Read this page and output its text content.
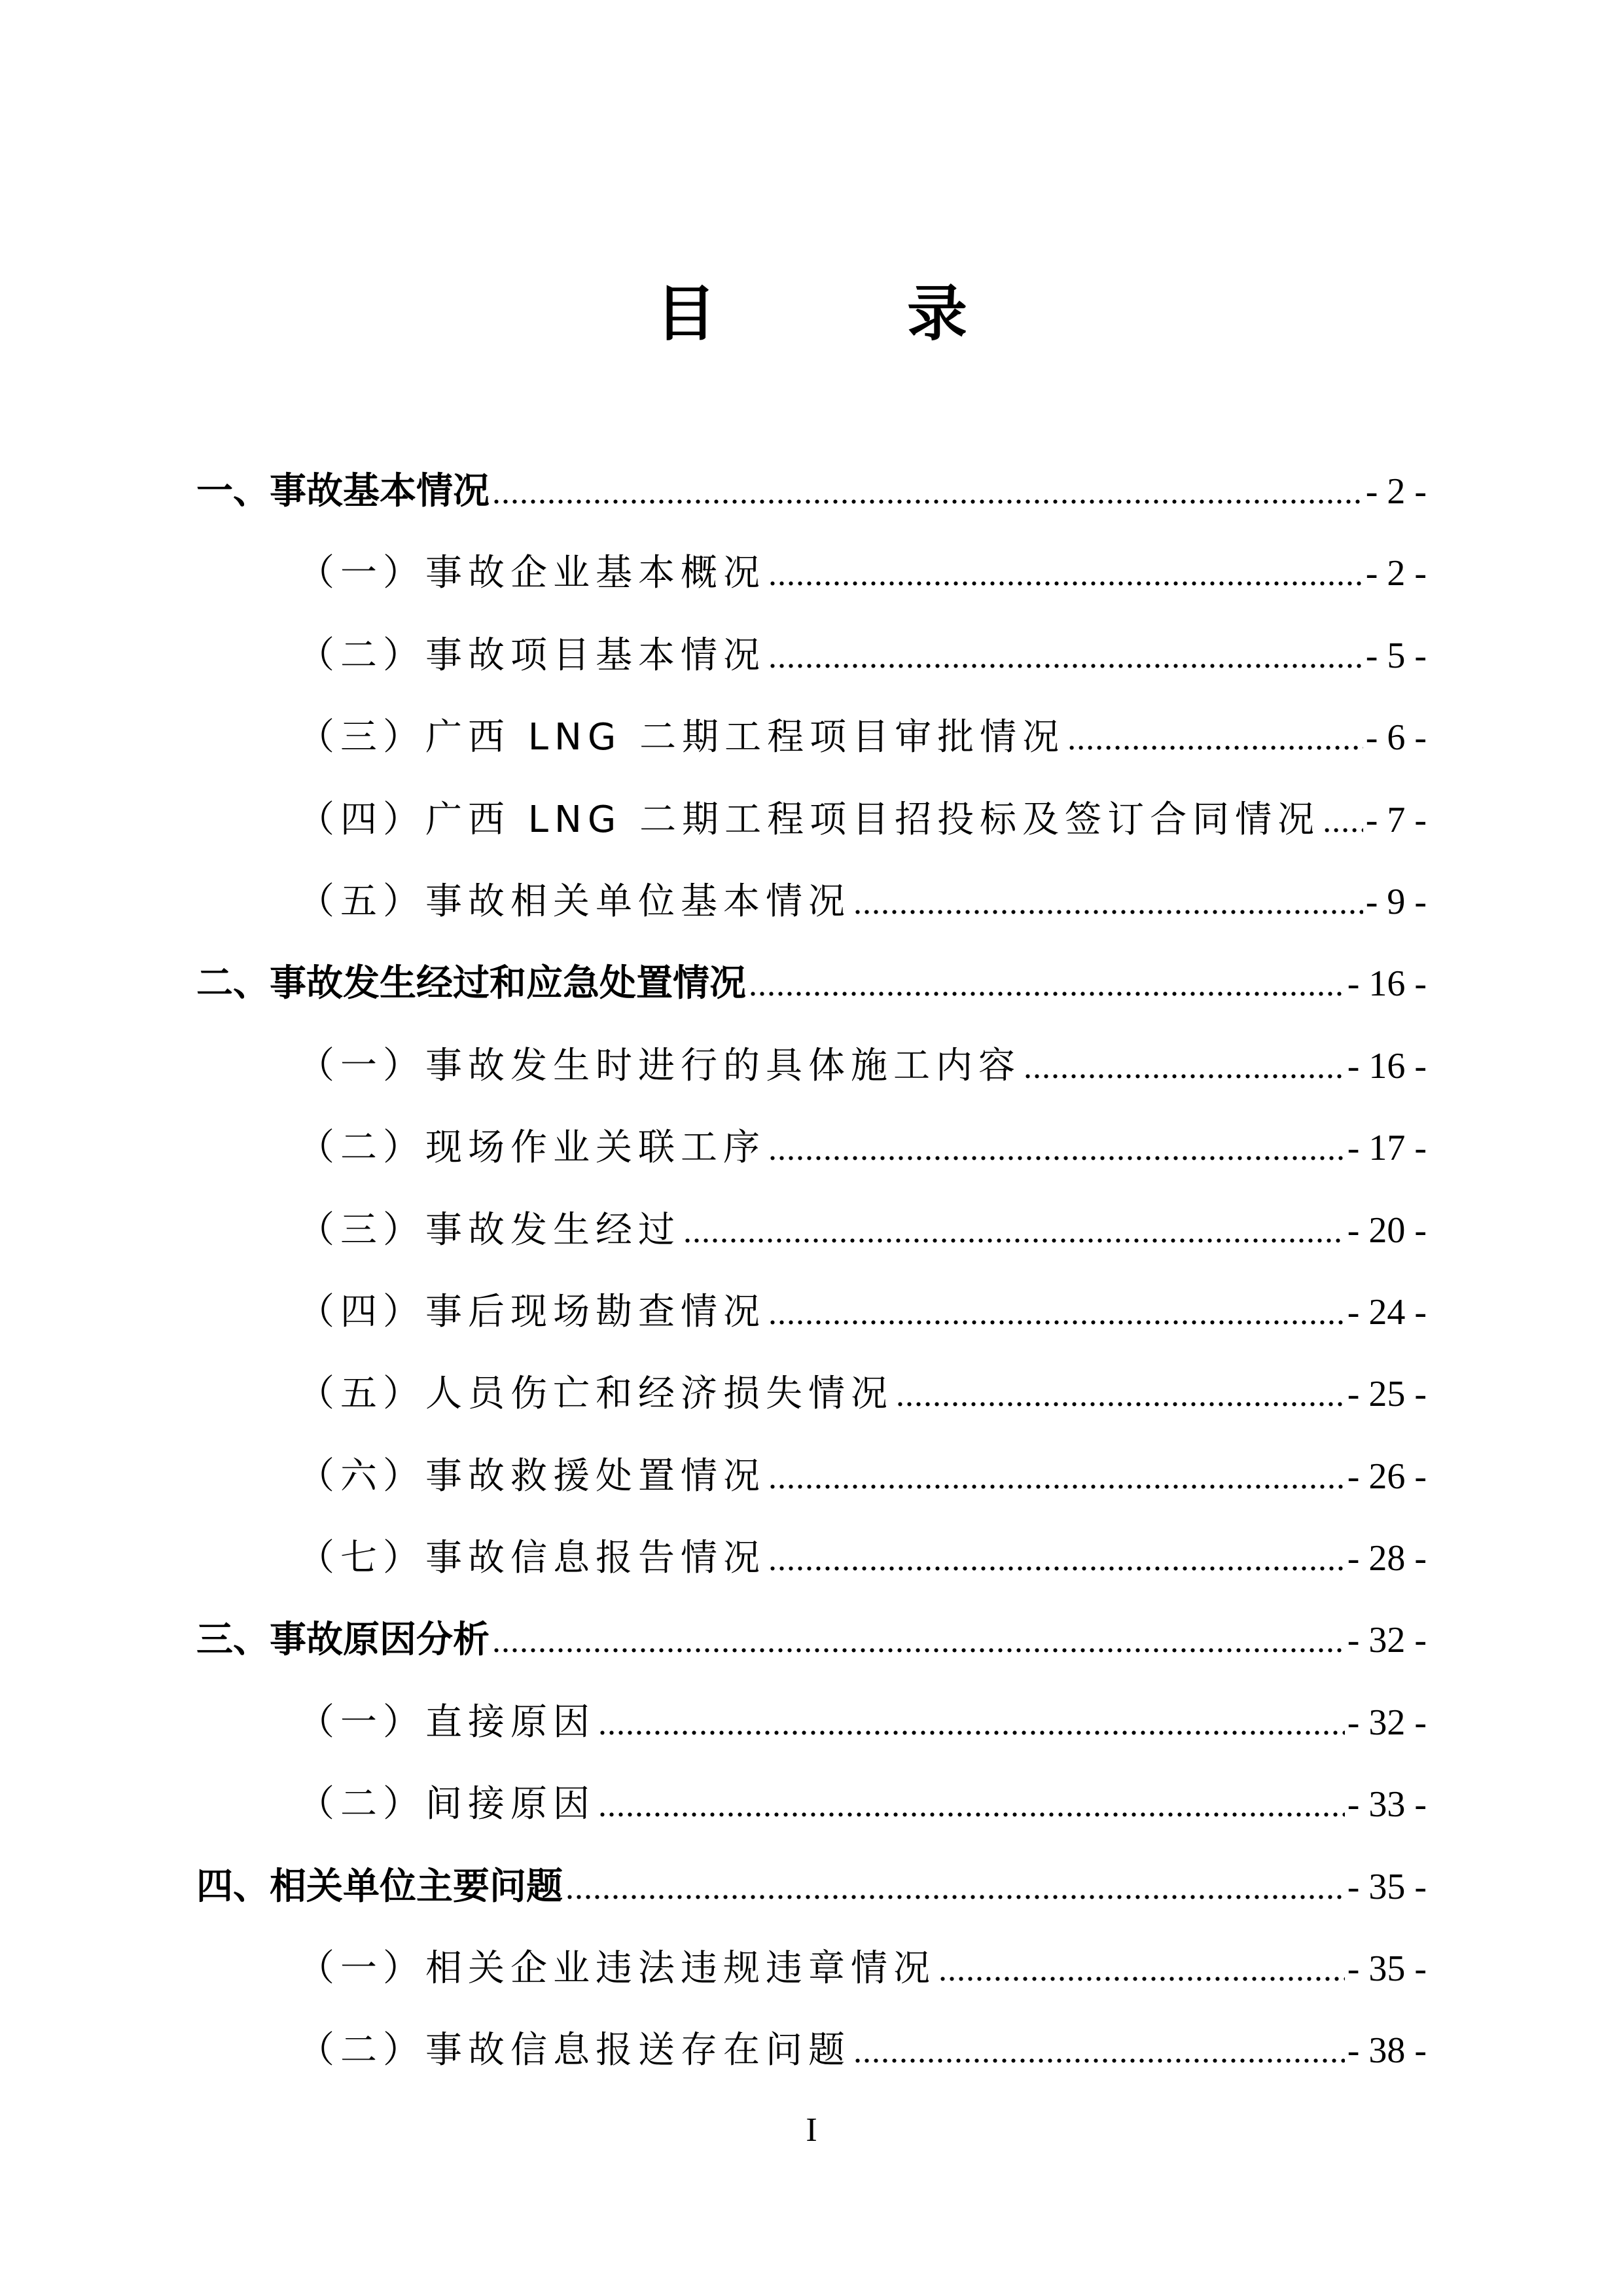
目 录
一、事故基本情况 .....	- 2 -
（一）事故企业基本概况 .....	- 2 -
（二）事故项目基本情况 .....	- 5 -
（三）广西 LNG 二期工程项目审批情况 .....	- 6 -
（四）广西 LNG 二期工程项目招投标及签订合同情况 ..... - 7 -
（五）事故相关单位基本情况 .....	- 9 -
二、事故发生经过和应急处置情况 .....	- 16 -
（一）事故发生时进行的具体施工内容 .....	- 16 -
（二）现场作业关联工序 .....	- 17 -
（三）事故发生经过 .....	- 20 -
（四）事后现场勘查情况 .....	- 24 -
（五）人员伤亡和经济损失情况 .....	- 25 -
（六）事故救援处置情况 .....	- 26 -
（七）事故信息报告情况 .....	- 28 -
三、事故原因分析 .....	- 32 -
（一）直接原因 .....	- 32 -
（二）间接原因 .....	- 33 -
四、相关单位主要问题 .....	- 35 -
（一）相关企业违法违规违章情况 .....	- 35 -
（二）事故信息报送存在问题 .....	- 38 -
I
